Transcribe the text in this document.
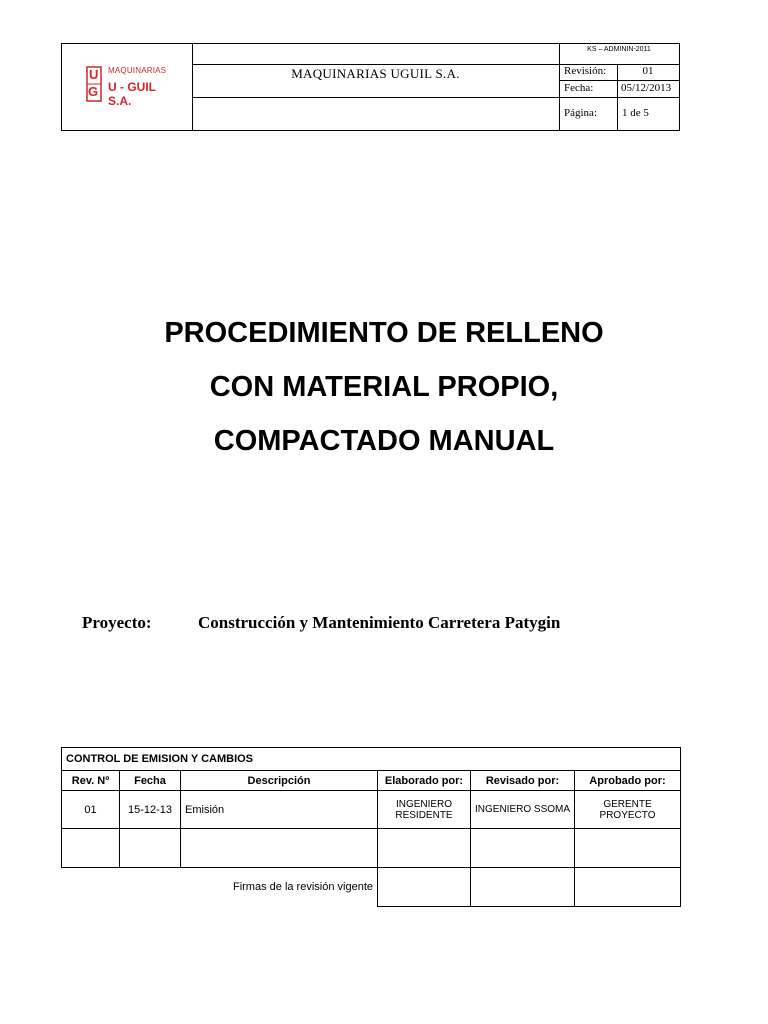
U
G
MAQUINARIAS
U - GUIL S.A.
KS – ADMININ-2011
MAQUINARIAS UGUIL S.A.	Revisión:	01
Fecha:	05/12/2013
Página: 1 de 5
PROCEDIMIENTO DE RELLENO
CON MATERIAL PROPIO,
COMPACTADO MANUAL
Proyecto:	Construcción y Mantenimiento Carretera Patygin
CONTROL DE EMISION Y CAMBIOS					
Rev. Nº	Fecha	Descripción	Elaborado por:	Revisado por:	Aprobado por:
01	15-12-13	Emisión	INGENIERO RESIDENTE	INGENIERO SSOMA	GERENTE PROYECTO

Firmas de la revisión vigente					
